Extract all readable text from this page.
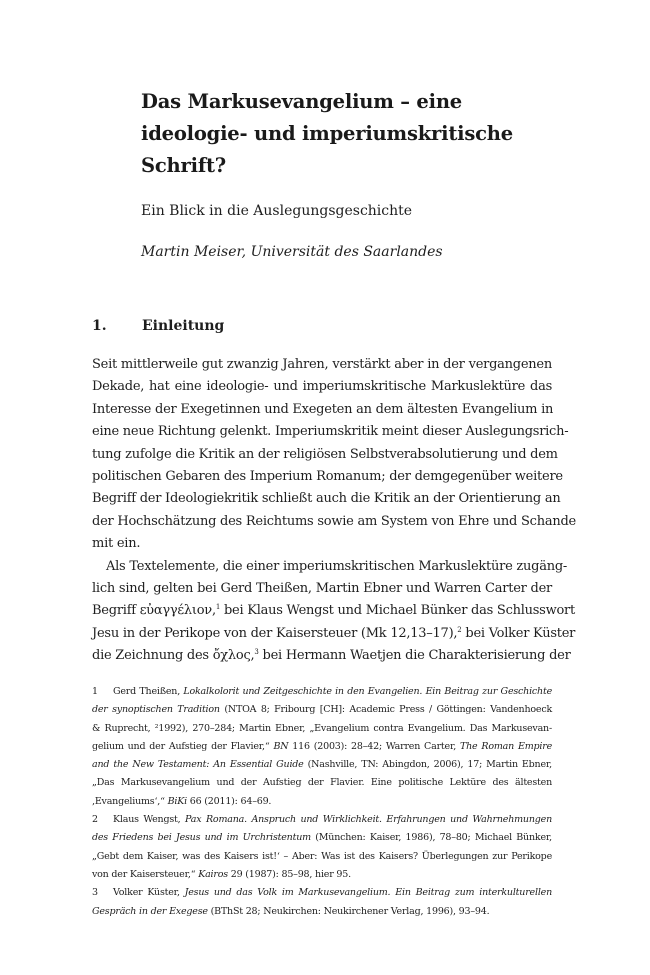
Das Markusevangelium – eine
ideologie- und imperiumskritische
Schrift?

Ein Blick in die Auslegungsgeschichte

Martin Meiser, Universität des Saarlandes

1.	Einleitung
Seit mittlerweile gut zwanzig Jahren, verstärkt aber in der vergangenen
Dekade, hat eine ideologie- und imperiumskritische Markuslektüre das
Interesse der Exegetinnen und Exegeten an dem ältesten Evangelium in
eine neue Richtung gelenkt. Imperiumskritik meint dieser Auslegungsrich-
tung zufolge die Kritik an der religiösen Selbstverabsolutierung und dem
politischen Gebaren des Imperium Romanum; der demgegenüber weitere
Begriff der Ideologiekritik schließt auch die Kritik an der Orientierung an
der Hochschätzung des Reichtums sowie am System von Ehre und Schande
mit ein.
Als Textelemente, die einer imperiumskritischen Markuslektüre zugäng-
lich sind, gelten bei Gerd Theißen, Martin Ebner und Warren Carter der
Begriff εὐαγγέλιον,$^1$ bei Klaus Wengst und Michael Bünker das Schlusswort
Jesu in der Perikope von der Kaisersteuer (Mk 12,13–17),$^2$ bei Volker Küster
die Zeichnung des ὄχλος,$^3$ bei Hermann Waetjen die Charakterisierung der
1 Gerd Theißen, Lokalkolorit und Zeitgeschichte in den Evangelien. Ein Beitrag zur Geschichte
der synoptischen Tradition (NTOA 8; Fribourg [CH]: Academic Press / Göttingen: Vandenhoeck
& Ruprecht, ²1992), 270–284; Martin Ebner, „Evangelium contra Evangelium. Das Markusevan-
gelium und der Aufstieg der Flavier,“ BN 116 (2003): 28–42; Warren Carter, The Roman Empire
and the New Testament: An Essential Guide (Nashville, TN: Abingdon, 2006), 17; Martin Ebner,
„Das Markusevangelium und der Aufstieg der Flavier. Eine politische Lektüre des ältesten
‚Evangeliums‘,“ BiKi 66 (2011): 64–69.
2 Klaus Wengst, Pax Romana. Anspruch und Wirklichkeit. Erfahrungen und Wahrnehmungen
des Friedens bei Jesus und im Urchristentum (München: Kaiser, 1986), 78–80; Michael Bünker,
„Gebt dem Kaiser, was des Kaisers ist!‘ – Aber: Was ist des Kaisers? Überlegungen zur Perikope
von der Kaisersteuer,“ Kairos 29 (1987): 85–98, hier 95.
3 Volker Küster, Jesus und das Volk im Markusevangelium. Ein Beitrag zum interkulturellen
Gespräch in der Exegese (BThSt 28; Neukirchen: Neukirchener Verlag, 1996), 93–94.
